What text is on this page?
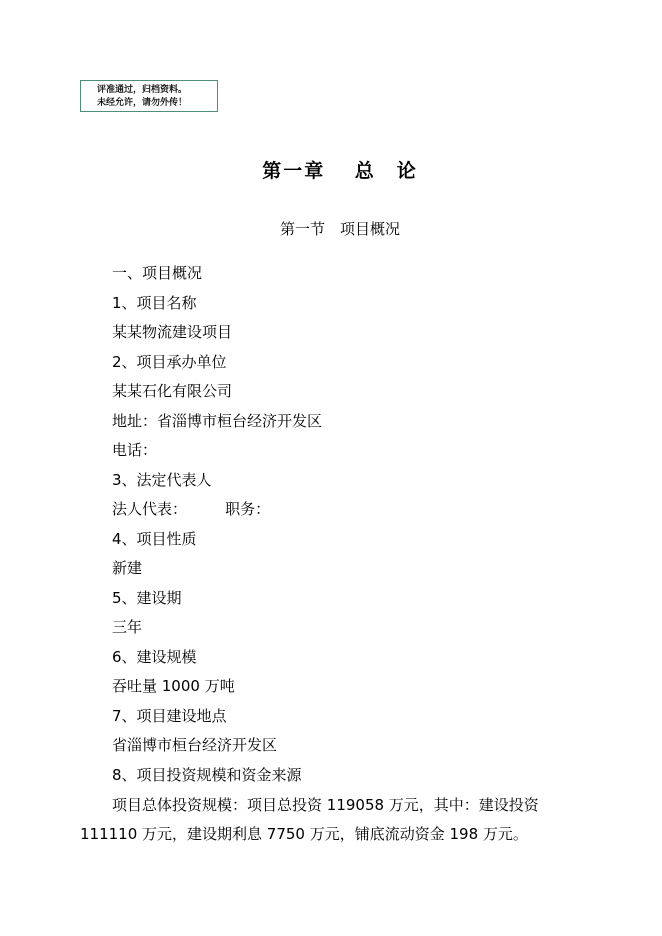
评准通过，归档资料。
未经允许，请勿外传！
第一章　 总　论
第一节　项目概况
一、项目概况
1、项目名称
某某物流建设项目
2、项目承办单位
某某石化有限公司
地址：省淄博市桓台经济开发区
电话：
3、法定代表人
法人代表：        职务：
4、项目性质
新建
5、建设期
三年
6、建设规模
吞吐量 1000 万吨
7、项目建设地点
省淄博市桓台经济开发区
8、项目投资规模和资金来源
项目总体投资规模：项目总投资 119058 万元，其中：建设投资
111110 万元，建设期利息 7750 万元，铺底流动资金 198 万元。
